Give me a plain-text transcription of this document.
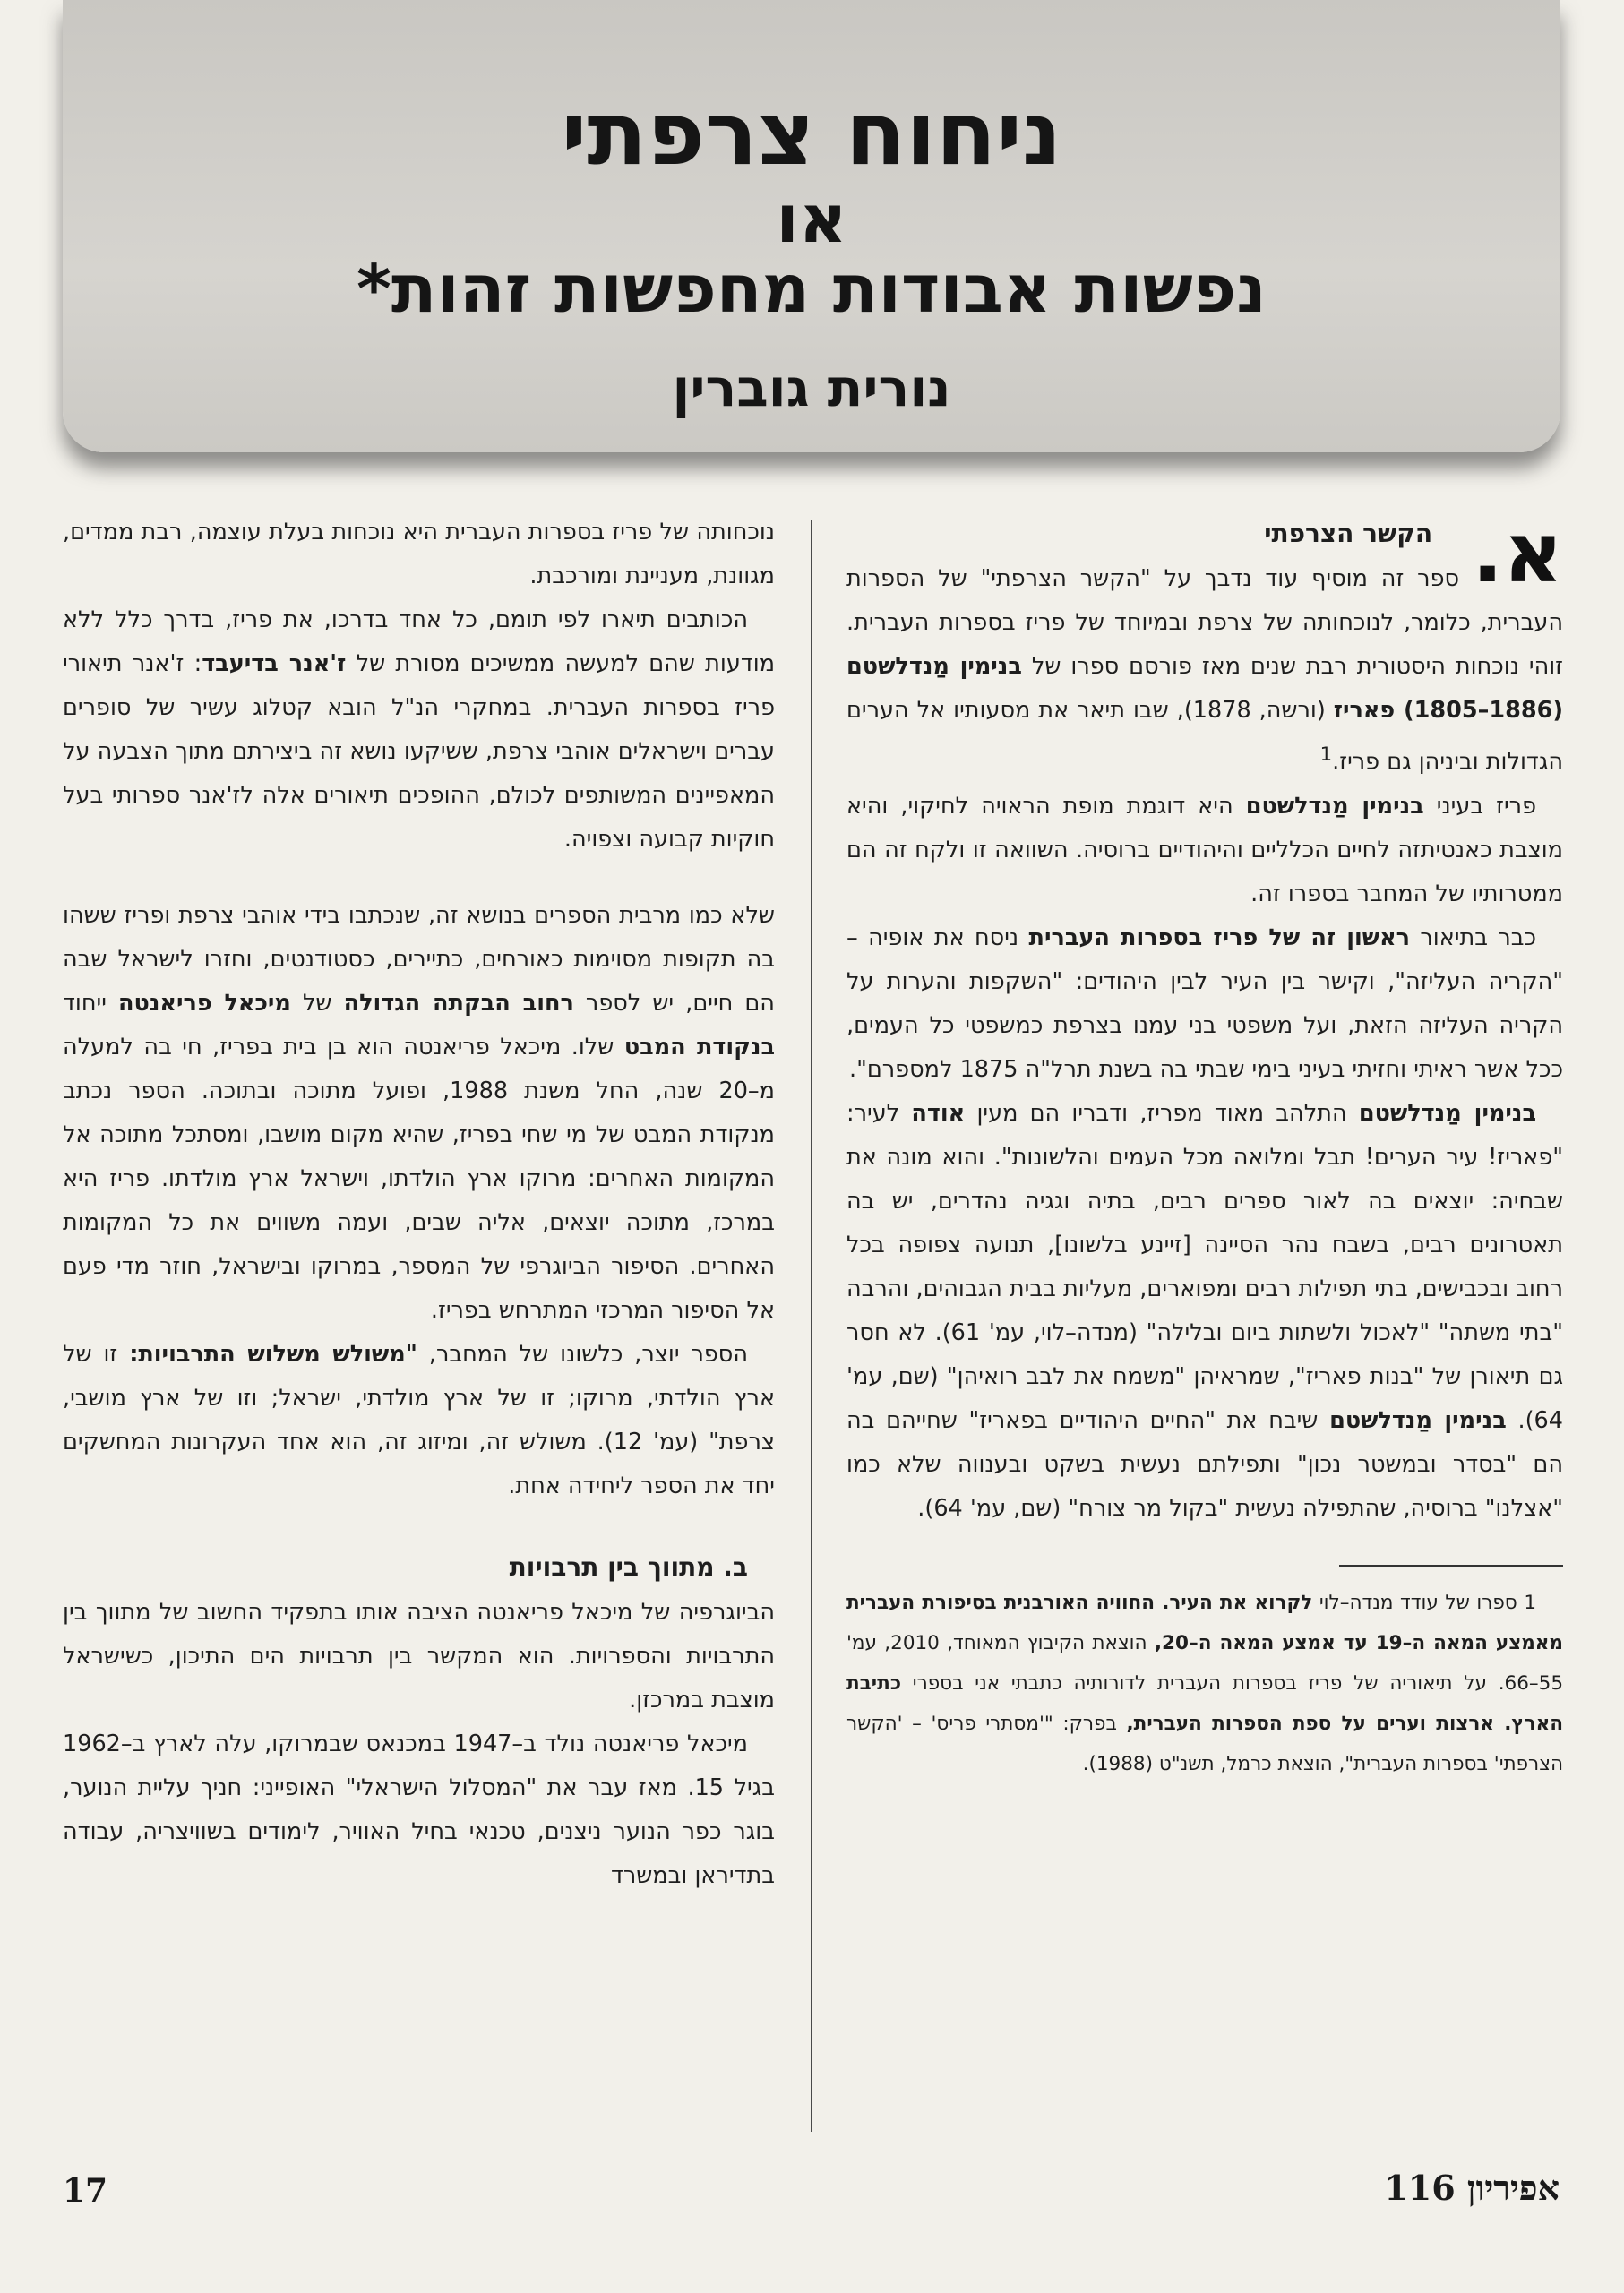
ניחוח צרפתי
או
נפשות אבודות מחפשות זהות*
נורית גוברין
א.

הקשר הצרפתי

ספר זה מוסיף עוד נדבך על "הקשר הצרפתי" של הספרות העברית, כלומר, לנוכחותה של צרפת ובמיוחד של פריז בספרות העברית. זוהי נוכחות היסטורית רבת שנים מאז פורסם ספרו של בנימין מַנדלשטם (1886–1805) פאריז (ורשה, 1878), שבו תיאר את מסעותיו אל הערים הגדולות וביניהן גם פריז.$^1$

פריז בעיני בנימין מַנדלשטם היא דוגמת מופת הראויה לחיקוי, והיא מוצבת כאנטיתזה לחיים הכלליים והיהודיים ברוסיה. השוואה זו ולקח זה הם ממטרותיו של המחבר בספרו זה.

כבר בתיאור ראשון זה של פריז בספרות העברית ניסח את אופיה – "הקריה העליזה", וקישר בין העיר לבין היהודים: "השקפות והערות על הקריה העליזה הזאת, ועל משפטי בני עמנו בצרפת כמשפטי כל העמים, ככל אשר ראיתי וחזיתי בעיני בימי שבתי בה בשנת תרל"ה 1875 למספרם".

בנימין מַנדלשטם התלהב מאוד מפריז, ודבריו הם מעין אודה לעיר: "פאריז! עיר הערים! תבל ומלואה מכל העמים והלשונות". והוא מונה את שבחיה: יוצאים בה לאור ספרים רבים, בתיה וגגיה נהדרים, יש בה תאטרונים רבים, בשבח נהר הסיינה [זיינע בלשונו], תנועה צפופה בכל רחוב ובכבישים, בתי תפילות רבים ומפוארים, מעליות בבית הגבוהים, והרבה "בתי משתה" "לאכול ולשתות ביום ובלילה" (מנדה–לוי, עמ' 61). לא חסר גם תיאורן של "בנות פאריז", שמראיהן "משמח את לבב רואיהן" (שם, עמ' 64). בנימין מַנדלשטם שיבח את "החיים היהודיים בפאריז" שחייהם בה הם "בסדר ובמשטר נכון" ותפילתם נעשית בשקט ובענווה שלא כמו "אצלנו" ברוסיה, שהתפילה נעשית "בקול מר צורח" (שם, עמ' 64).

1 ספרו של עודד מנדה–לוי לקרוא את העיר. החוויה האורבנית בסיפורת העברית מאמצע המאה ה–19 עד אמצע המאה ה–20, הוצאת הקיבוץ המאוחד, 2010, עמ' 55–66. על תיאוריה של פריז בספרות העברית לדורותיה כתבתי אני בספרי כתיבת הארץ. ארצות וערים על ספת הספרות העברית, בפרק: "'מסתרי פריס' – 'הקשר הצרפתי' בספרות העברית", הוצאת כרמל, תשנ"ט (1988).

נוכחותה של פריז בספרות העברית היא נוכחות בעלת עוצמה, רבת ממדים, מגוונת, מעניינת ומורכבת.

הכותבים תיארו לפי תומם, כל אחד בדרכו, את פריז, בדרך כלל ללא מודעות שהם למעשה ממשיכים מסורת של ז'אנר בדיעבד: ז'אנר תיאורי פריז בספרות העברית. במחקרי הנ"ל הובא קטלוג עשיר של סופרים עברים וישראלים אוהבי צרפת, ששיקעו נושא זה ביצירתם מתוך הצבעה על המאפיינים המשותפים לכולם, ההופכים תיאורים אלה לז'אנר ספרותי בעל חוקיות קבועה וצפויה.

שלא כמו מרבית הספרים בנושא זה, שנכתבו בידי אוהבי צרפת ופריז ששהו בה תקופות מסוימות כאורחים, כתיירים, כסטודנטים, וחזרו לישראל שבה הם חיים, יש לספר רחוב הבקתה הגדולה של מיכאל פריאנטה ייחוד בנקודת המבט שלו. מיכאל פריאנטה הוא בן בית בפריז, חי בה למעלה מ–20 שנה, החל משנת 1988, ופועל מתוכה ובתוכה. הספר נכתב מנקודת המבט של מי שחי בפריז, שהיא מקום מושבו, ומסתכל מתוכה אל המקומות האחרים: מרוקו ארץ הולדתו, וישראל ארץ מולדתו. פריז היא במרכז, מתוכה יוצאים, אליה שבים, ועמה משווים את כל המקומות האחרים. הסיפור הביוגרפי של המספר, במרוקו ובישראל, חוזר מדי פעם אל הסיפור המרכזי המתרחש בפריז.

הספר יוצר, כלשונו של המחבר, "משולש משלוש התרבויות: זו של ארץ הולדתי, מרוקו; זו של ארץ מולדתי, ישראל; וזו של ארץ מושבי, צרפת" (עמ' 12). משולש זה, ומיזוג זה, הוא אחד העקרונות המחשקים יחד את הספר ליחידה אחת.

ב. מתווך בין תרבויות

הביוגרפיה של מיכאל פריאנטה הציבה אותו בתפקיד החשוב של מתווך בין התרבויות והספרויות. הוא המקשר בין תרבויות הים התיכון, כשישראל מוצבת במרכזן.

מיכאל פריאנטה נולד ב–1947 במכנאס שבמרוקו, עלה לארץ ב–1962 בגיל 15. מאז עבר את "המסלול הישראלי" האופייני: חניך עליית הנוער, בוגר כפר הנוער ניצנים, טכנאי בחיל האוויר, לימודים בשוויצריה, עבודה בתדיראן ובמשרד

17	אפיריון 116
